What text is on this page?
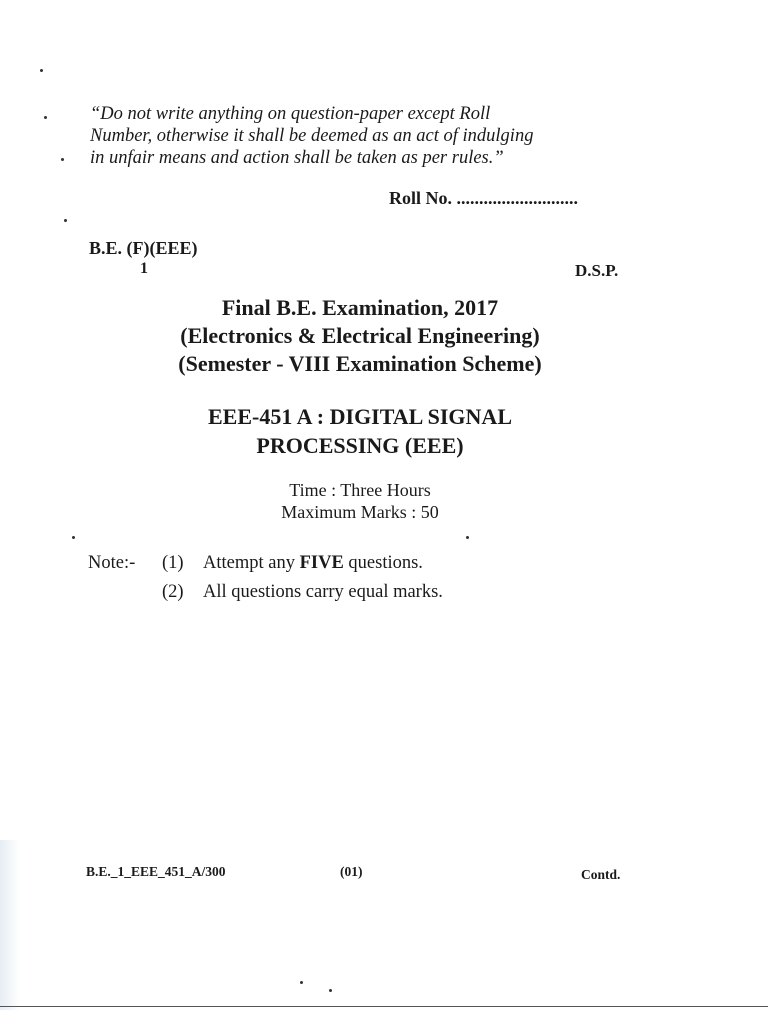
“Do not write anything on question-paper except Roll
Number, otherwise it shall be deemed as an act of indulging
in unfair means and action shall be taken as per rules.”
Roll No. ...........................
B.E. (F)(EEE)
1	D.S.P.
Final B.E. Examination, 2017
(Electronics & Electrical Engineering)
(Semester - VIII Examination Scheme)
EEE-451 A : DIGITAL SIGNAL
PROCESSING (EEE)
Time : Three Hours
Maximum Marks : 50
Note:- (1) Attempt any FIVE questions.
(2) All questions carry equal marks.
B.E._1_EEE_451_A/300	(01)	Contd.
